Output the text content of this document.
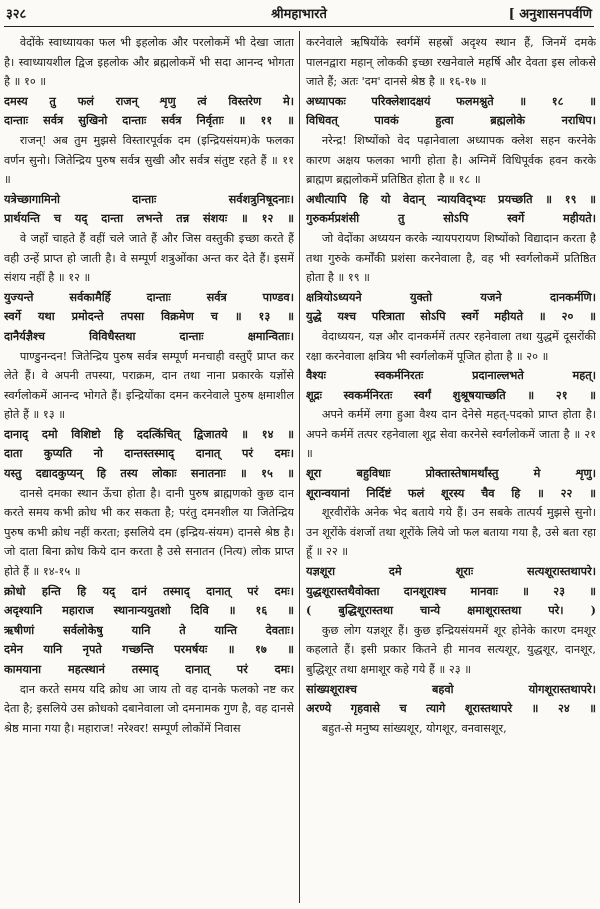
३२८	श्रीमहाभारते	[ अनुशासनपर्वणि

वेदोंके स्वाध्यायका फल भी इहलोक और परलोकमें भी देखा जाता है। स्वाध्यायशील द्विज इहलोक और ब्रह्मलोकमें भी सदा आनन्द भोगता है ॥ १० ॥

दमस्य तु फलं राजन् शृणु त्वं विस्तरेण मे।

दान्ताः सर्वत्र सुखिनो दान्ताः सर्वत्र निर्वृताः ॥ ११ ॥

राजन्! अब तुम मुझसे विस्तारपूर्वक दम (इन्द्रियसंयम)के फलका वर्णन सुनो। जितेन्द्रिय पुरुष सर्वत्र सुखी और सर्वत्र संतुष्ट रहते हैं ॥ ११ ॥

यत्रेच्छागामिनो दान्ताः सर्वशत्रुनिषूदनाः।

प्रार्थयन्ति च यद् दान्ता लभन्ते तन्न संशयः ॥ १२ ॥

वे जहाँ चाहते हैं वहीं चले जाते हैं और जिस वस्तुकी इच्छा करते हैं वही उन्हें प्राप्त हो जाती है। वे सम्पूर्ण शत्रुओंका अन्त कर देते हैं। इसमें संशय नहीं है ॥ १२ ॥

युज्यन्ते सर्वकामैर्हि दान्ताः सर्वत्र पाण्डव।

स्वर्गे यथा प्रमोदन्ते तपसा विक्रमेण च ॥ १३ ॥

दानैर्यज्ञैश्च विविधैस्तथा दान्ताः क्षमान्विताः।

पाण्डुनन्दन! जितेन्द्रिय पुरुष सर्वत्र सम्पूर्ण मनचाही वस्तुएँ प्राप्त कर लेते हैं। वे अपनी तपस्या, पराक्रम, दान तथा नाना प्रकारके यज्ञोंसे स्वर्गलोकमें आनन्द भोगते हैं। इन्द्रियोंका दमन करनेवाले पुरुष क्षमाशील होते हैं ॥ १३ ॥

दानाद् दमो विशिष्टो हि ददत्किंचित् द्विजातये ॥ १४ ॥

दाता कुप्यति नो दान्तस्तस्माद् दानात् परं दमः।

यस्तु दद्यादकुप्यन् हि तस्य लोकाः सनातनाः ॥ १५ ॥

दानसे दमका स्थान ऊँचा होता है। दानी पुरुष ब्राह्मणको कुछ दान करते समय कभी क्रोध भी कर सकता है; परंतु दमनशील या जितेन्द्रिय पुरुष कभी क्रोध नहीं करता; इसलिये दम (इन्द्रिय-संयम) दानसे श्रेष्ठ है। जो दाता बिना क्रोध किये दान करता है उसे सनातन (नित्य) लोक प्राप्त होते हैं ॥ १४-१५ ॥

क्रोधो हन्ति हि यद् दानं तस्माद् दानात् परं दमः।

अदृश्यानि महाराज स्थानान्ययुतशो दिवि ॥ १६ ॥

ऋषीणां सर्वलोकेषु यानि ते यान्ति देवताः।

दमेन यानि नृपते गच्छन्ति परमर्षयः ॥ १७ ॥

कामयाना महत्स्थानं तस्माद् दानात् परं दमः।

दान करते समय यदि क्रोध आ जाय तो वह दानके फलको नष्ट कर देता है; इसलिये उस क्रोधको दबानेवाला जो दमनामक गुण है, वह दानसे श्रेष्ठ माना गया है। महाराज! नरेश्वर! सम्पूर्ण लोकोंमें निवास

करनेवाले ऋषियोंके स्वर्गमें सहस्रों अदृश्य स्थान हैं, जिनमें दमके पालनद्वारा महान् लोककी इच्छा रखनेवाले महर्षि और देवता इस लोकसे जाते हैं; अतः 'दम' दानसे श्रेष्ठ है ॥ १६-१७ ॥

अध्यापकः परिक्लेशादक्षयं फलमश्नुते ॥ १८ ॥

विधिवत् पावकं हुत्वा ब्रह्मलोके नराधिप।

नरेन्द्र! शिष्योंको वेद पढ़ानेवाला अध्यापक क्लेश सहन करनेके कारण अक्षय फलका भागी होता है। अग्निमें विधिपूर्वक हवन करके ब्राह्मण ब्रह्मलोकमें प्रतिष्ठित होता है ॥ १८ ॥

अधीत्यापि हि यो वेदान् न्यायविद्भ्यः प्रयच्छति ॥ १९ ॥

गुरुकर्मप्रशंसी तु सोऽपि स्वर्गे महीयते।

जो वेदोंका अध्ययन करके न्यायपरायण शिष्योंको विद्यादान करता है तथा गुरुके कर्मोंकी प्रशंसा करनेवाला है, वह भी स्वर्गलोकमें प्रतिष्ठित होता है ॥ १९ ॥

क्षत्रियोऽध्ययने युक्तो यजने दानकर्मणि।

युद्धे यश्च परित्राता सोऽपि स्वर्गे महीयते ॥ २० ॥

वेदाध्ययन, यज्ञ और दानकर्ममें तत्पर रहनेवाला तथा युद्धमें दूसरोंकी रक्षा करनेवाला क्षत्रिय भी स्वर्गलोकमें पूजित होता है ॥ २० ॥

वैश्यः स्वकर्मनिरतः प्रदानाल्लभते महत्।

शूद्रः स्वकर्मनिरतः स्वर्गं शुश्रूषयाच्छति ॥ २१ ॥

अपने कर्ममें लगा हुआ वैश्य दान देनेसे महत्-पदको प्राप्त होता है। अपने कर्ममें तत्पर रहनेवाला शूद्र सेवा करनेसे स्वर्गलोकमें जाता है ॥ २१ ॥

शूरा बहुविधाः प्रोक्तास्तेषामर्थांस्तु मे शृणु।

शूरान्वयानां निर्दिष्टं फलं शूरस्य चैव हि ॥ २२ ॥

शूरवीरोंके अनेक भेद बताये गये हैं। उन सबके तात्पर्य मुझसे सुनो। उन शूरोंके वंशजों तथा शूरोंके लिये जो फल बताया गया है, उसे बता रहा हूँ ॥ २२ ॥

यज्ञशूरा दमे शूराः सत्यशूरास्तथापरे।

युद्धशूरास्तथैवोक्ता दानशूराश्च मानवाः ॥ २३ ॥

( बुद्धिशूरास्तथा चान्ये क्षमाशूरास्तथा परे। )

कुछ लोग यज्ञशूर हैं। कुछ इन्द्रियसंयममें शूर होनेके कारण दमशूर कहलाते हैं। इसी प्रकार कितने ही मानव सत्यशूर, युद्धशूर, दानशूर, बुद्धिशूर तथा क्षमाशूर कहे गये हैं ॥ २३ ॥

सांख्यशूराश्च बहवो योगशूरास्तथापरे।

अरण्ये गृहवासे च त्यागे शूरास्तथापरे ॥ २४ ॥

बहुत-से मनुष्य सांख्यशूर, योगशूर, वनवासशूर,
